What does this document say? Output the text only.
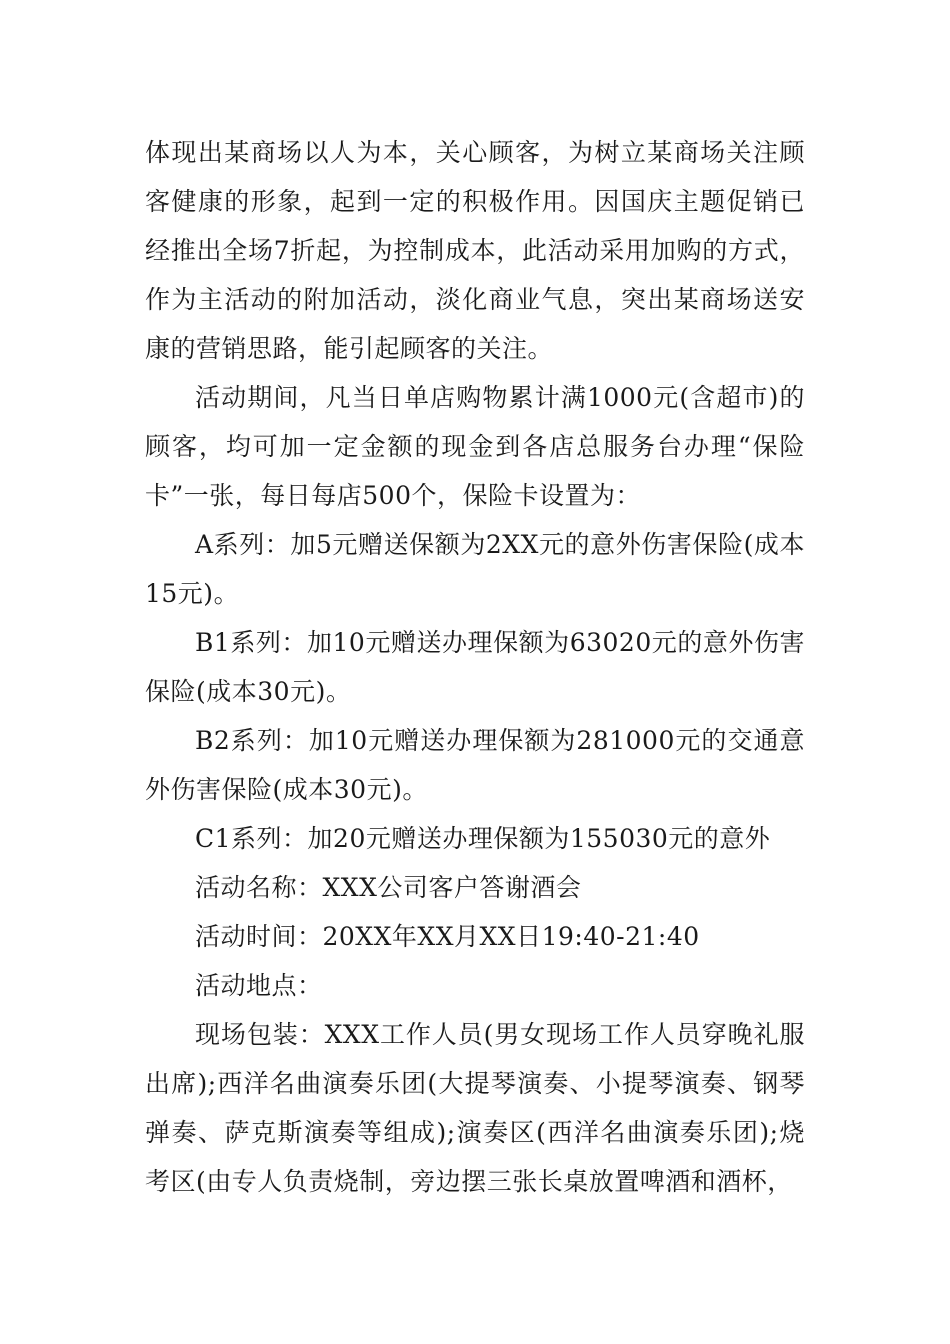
体现出某商场以人为本，关心顾客，为树立某商场关注顾客健康的形象，起到一定的积极作用。因国庆主题促销已经推出全场7折起，为控制成本，此活动采用加购的方式，作为主活动的附加活动，淡化商业气息，突出某商场送安康的营销思路，能引起顾客的关注。

活动期间，凡当日单店购物累计满1000元(含超市)的顾客，均可加一定金额的现金到各店总服务台办理“保险卡”一张，每日每店500个，保险卡设置为：

A系列：加5元赠送保额为2XX元的意外伤害保险(成本15元)。

B1系列：加10元赠送办理保额为63020元的意外伤害保险(成本30元)。

B2系列：加10元赠送办理保额为281000元的交通意外伤害保险(成本30元)。

C1系列：加20元赠送办理保额为155030元的意外

活动名称：XXX公司客户答谢酒会

活动时间：20XX年XX月XX日19:40-21:40

活动地点：

现场包装：XXX工作人员(男女现场工作人员穿晚礼服出席);西洋名曲演奏乐团(大提琴演奏、小提琴演奏、钢琴弹奏、萨克斯演奏等组成);演奏区(西洋名曲演奏乐团);烧考区(由专人负责烧制，旁边摆三张长桌放置啤酒和酒杯，
